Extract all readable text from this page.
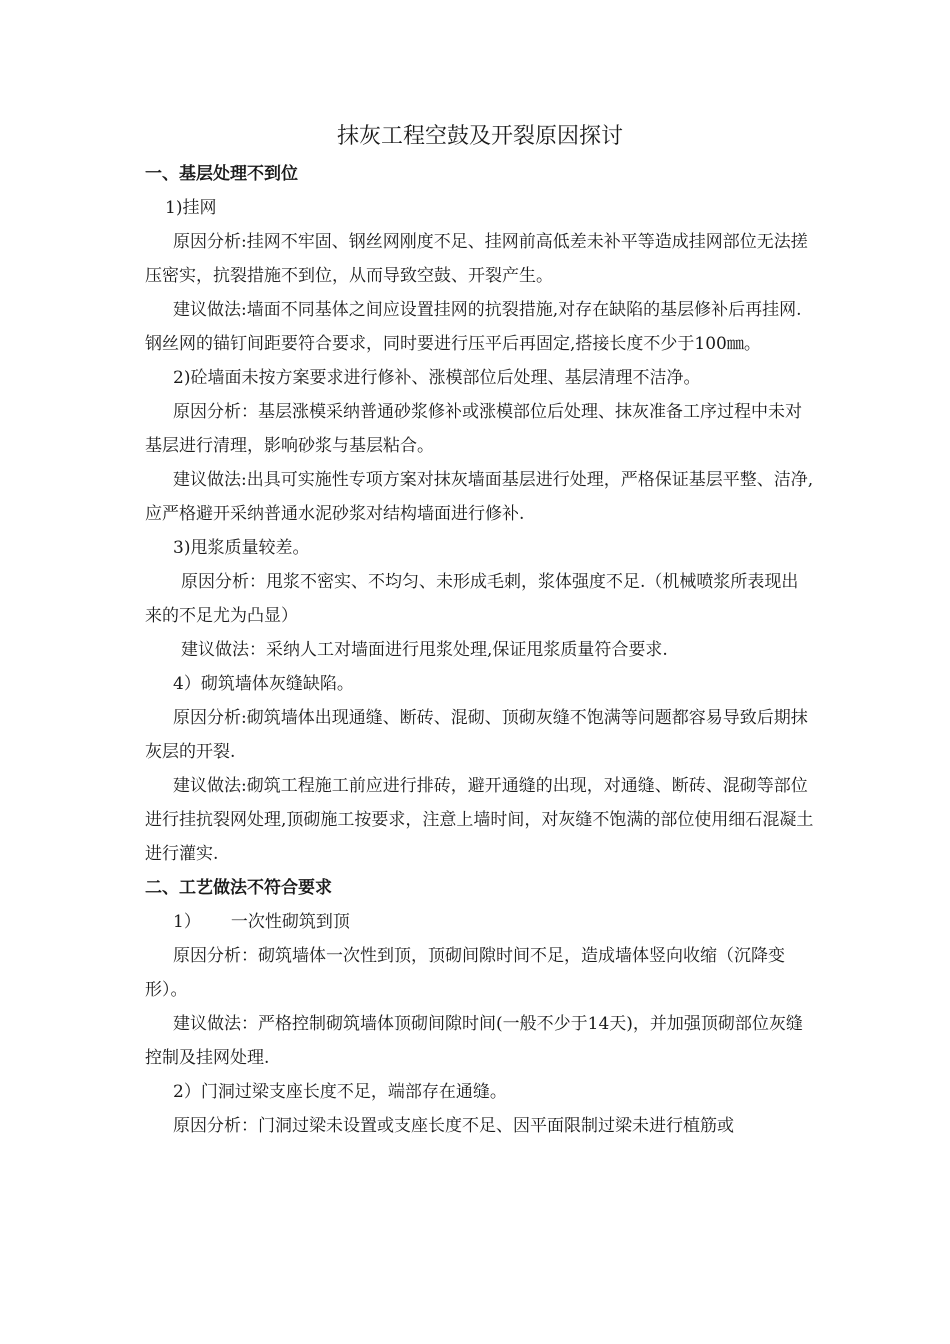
抹灰工程空鼓及开裂原因探讨
一、基层处理不到位

1)挂网

原因分析:挂网不牢固、钢丝网刚度不足、挂网前高低差未补平等造成挂网部位无法搓压密实，抗裂措施不到位，从而导致空鼓、开裂产生。

建议做法:墙面不同基体之间应设置挂网的抗裂措施,对存在缺陷的基层修补后再挂网.钢丝网的锚钉间距要符合要求，同时要进行压平后再固定,搭接长度不少于100㎜。

2)砼墙面未按方案要求进行修补、涨模部位后处理、基层清理不洁净。

原因分析：基层涨模采纳普通砂浆修补或涨模部位后处理、抹灰准备工序过程中未对基层进行清理，影响砂浆与基层粘合。

建议做法:出具可实施性专项方案对抹灰墙面基层进行处理，严格保证基层平整、洁净,应严格避开采纳普通水泥砂浆对结构墙面进行修补.

3)甩浆质量较差。

原因分析：甩浆不密实、不均匀、未形成毛刺，浆体强度不足.（机械喷浆所表现出来的不足尤为凸显）

建议做法：采纳人工对墙面进行甩浆处理,保证甩浆质量符合要求.

4）砌筑墙体灰缝缺陷。

原因分析:砌筑墙体出现通缝、断砖、混砌、顶砌灰缝不饱满等问题都容易导致后期抹灰层的开裂.

建议做法:砌筑工程施工前应进行排砖，避开通缝的出现，对通缝、断砖、混砌等部位进行挂抗裂网处理,顶砌施工按要求，注意上墙时间，对灰缝不饱满的部位使用细石混凝土进行灌实.

二、工艺做法不符合要求

1） 一次性砌筑到顶

原因分析：砌筑墙体一次性到顶，顶砌间隙时间不足，造成墙体竖向收缩（沉降变形）。

建议做法：严格控制砌筑墙体顶砌间隙时间(一般不少于14天)，并加强顶砌部位灰缝控制及挂网处理.

2）门洞过梁支座长度不足，端部存在通缝。

原因分析：门洞过梁未设置或支座长度不足、因平面限制过梁未进行植筋或
